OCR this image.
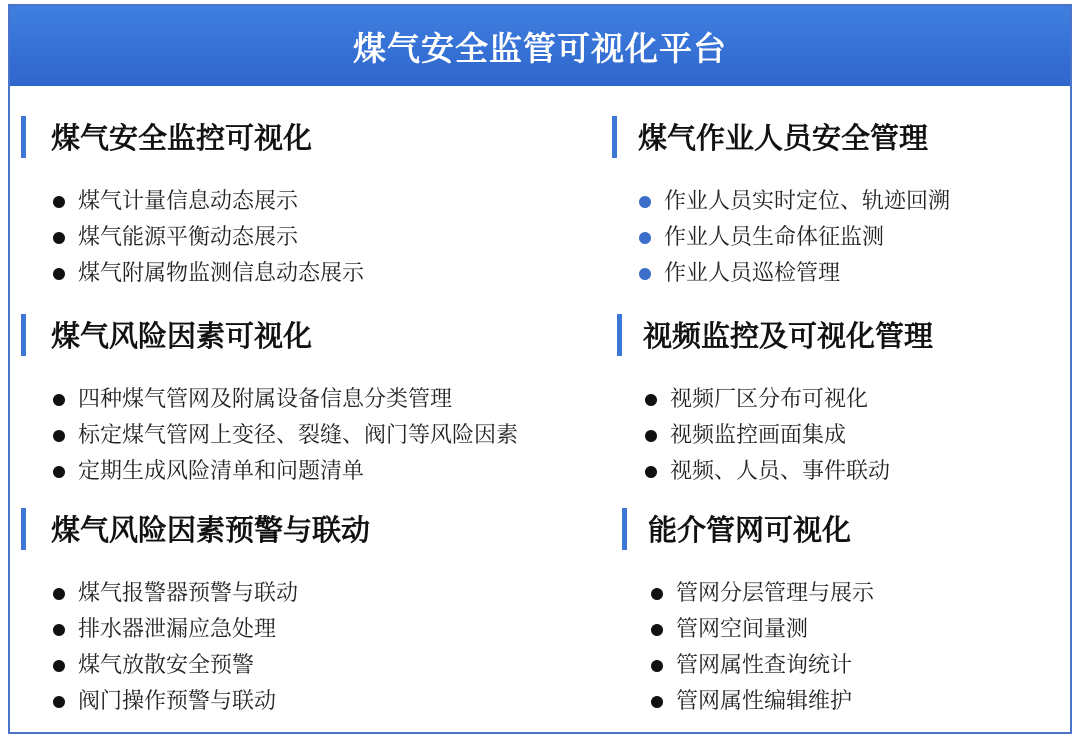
煤气安全监管可视化平台
煤气安全监控可视化
煤气计量信息动态展示
煤气能源平衡动态展示
煤气附属物监测信息动态展示
煤气风险因素可视化
四种煤气管网及附属设备信息分类管理
标定煤气管网上变径、裂缝、阀门等风险因素
定期生成风险清单和问题清单
煤气风险因素预警与联动
煤气报警器预警与联动
排水器泄漏应急处理
煤气放散安全预警
阀门操作预警与联动
煤气作业人员安全管理
作业人员实时定位、轨迹回溯
作业人员生命体征监测
作业人员巡检管理
视频监控及可视化管理
视频厂区分布可视化
视频监控画面集成
视频、人员、事件联动
能介管网可视化
管网分层管理与展示
管网空间量测
管网属性查询统计
管网属性编辑维护
